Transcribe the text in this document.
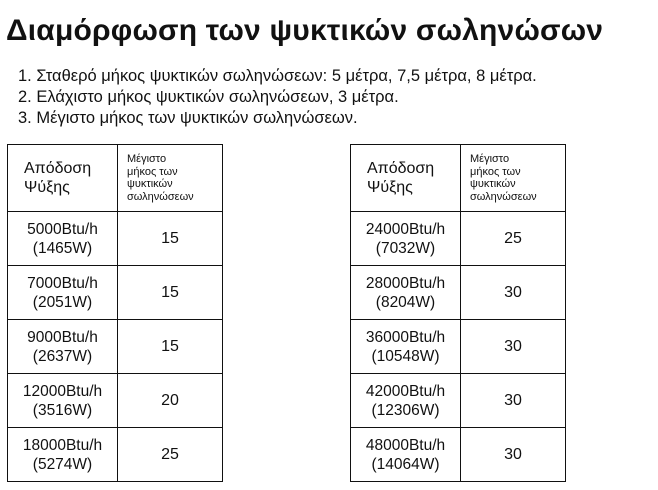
Διαμόρφωση των ψυκτικών σωληνώσων
1. Σταθερό μήκος ψυκτικών σωληνώσεων: 5 μέτρα, 7,5 μέτρα, 8 μέτρα.
2. Ελάχιστο μήκος ψυκτικών σωληνώσεων, 3 μέτρα.
3. Μέγιστο μήκος των ψυκτικών σωληνώσεων.
Απόδοση
Ψύξης	Μέγιστο
μήκος των
ψυκτικών
σωληνώσεων

5000Btu/h
(1465W)	15

7000Btu/h
(2051W)	15

9000Btu/h
(2637W)	15

12000Btu/h
(3516W)	20

18000Btu/h
(5274W)	25
Απόδοση
Ψύξης	Μέγιστο
μήκος των
ψυκτικών
σωληνώσεων

24000Btu/h
(7032W)	25

28000Btu/h
(8204W)	30

36000Btu/h
(10548W)	30

42000Btu/h
(12306W)	30

48000Btu/h
(14064W)	30
